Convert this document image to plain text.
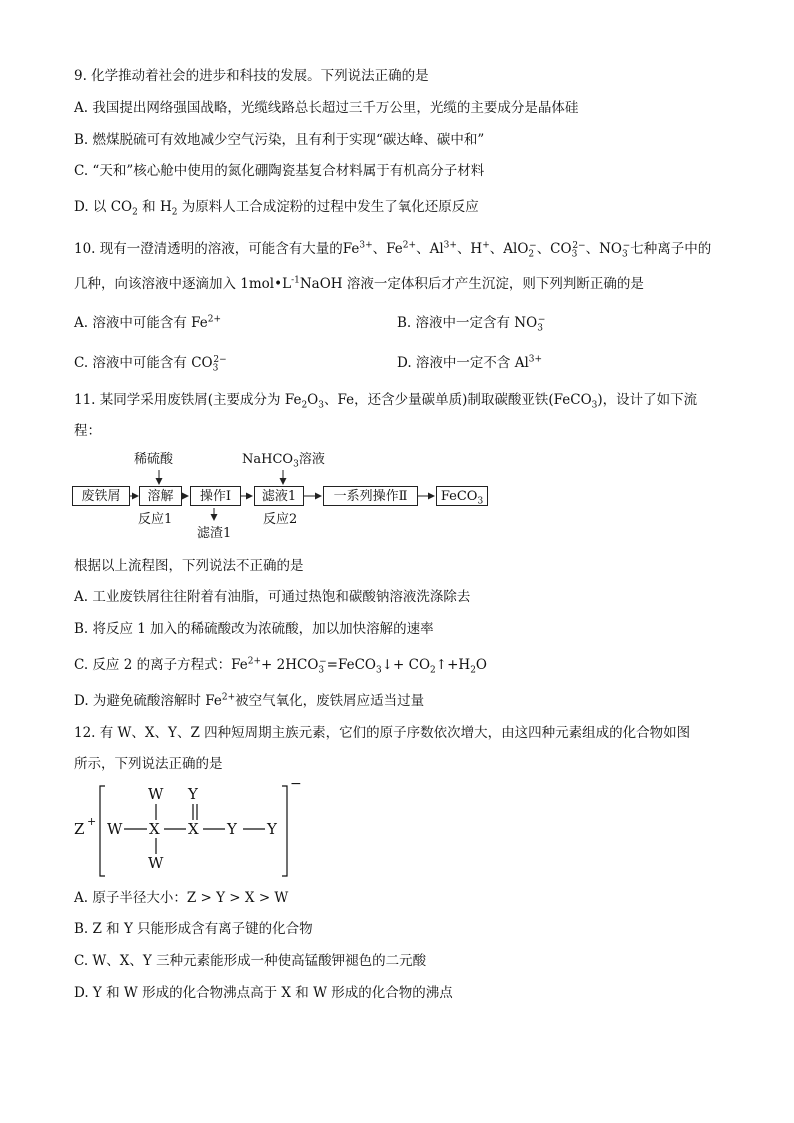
9. 化学推动着社会的进步和科技的发展。下列说法正确的是
A. 我国提出网络强国战略，光缆线路总长超过三千万公里，光缆的主要成分是晶体硅
B. 燃煤脱硫可有效地减少空气污染，且有利于实现“碳达峰、碳中和”
C. “天和”核心舱中使用的氮化硼陶瓷基复合材料属于有机高分子材料
D. 以 $CO_2$ 和 $H_2$ 为原料人工合成淀粉的过程中发生了氧化还原反应
10. 现有一澄清透明的溶液，可能含有大量的$Fe^{3+}$、$Fe^{2+}$、$Al^{3+}$、H+、AlO$_2$−、$CO_3^{2-}$、$NO_3^-$七种离子中的
几种，向该溶液中逐滴加入 $1mol•L^{-1}NaOH$ 溶液一定体积后才产生沉淀，则下列判断正确的是
A. 溶液中可能含有 $Fe^{2+}$	B. 溶液中一定含有 $NO_3^-$
C. 溶液中可能含有 $CO_3^{2-}$	D. 溶液中一定不含 $Al^{3+}$
11. 某同学采用废铁屑(主要成分为 $Fe_2O_3$、Fe，还含少量碳单质)制取碳酸亚铁(FeCO$_3$)，设计了如下流
程：
废铁屑	溶解	操作Ⅰ	滤液1	一系列操作Ⅱ	FeCO$_3$
稀硫酸	NaHCO$_3$溶液
反应1
滤渣1
反应2
根据以上流程图，下列说法不正确的是
A. 工业废铁屑往往附着有油脂，可通过热饱和碳酸钠溶液洗涤除去
B. 将反应 1 加入的稀硫酸改为浓硫酸，加以加快溶解的速率
C. 反应 2 的离子方程式：$Fe^{2+}+$ $2HCO_3^-=FeCO_3↓+$ $CO_2↑+H_2O$
D. 为避免硫酸溶解时 $Fe^{2+}$被空气氧化，废铁屑应适当过量
12. 有 W、X、Y、Z 四种短周期主族元素，它们的原子序数依次增大，由这四种元素组成的化合物如图
所示，下列说法正确的是
Z + W X
W
W
X
Y
Y Y
−
A. 原子半径大小：Z > Y > X > W
B. Z 和 Y 只能形成含有离子键的化合物
C. W、X、Y 三种元素能形成一种使高锰酸钾褪色的二元酸
D. Y 和 W 形成的化合物沸点高于 X 和 W 形成的化合物的沸点
